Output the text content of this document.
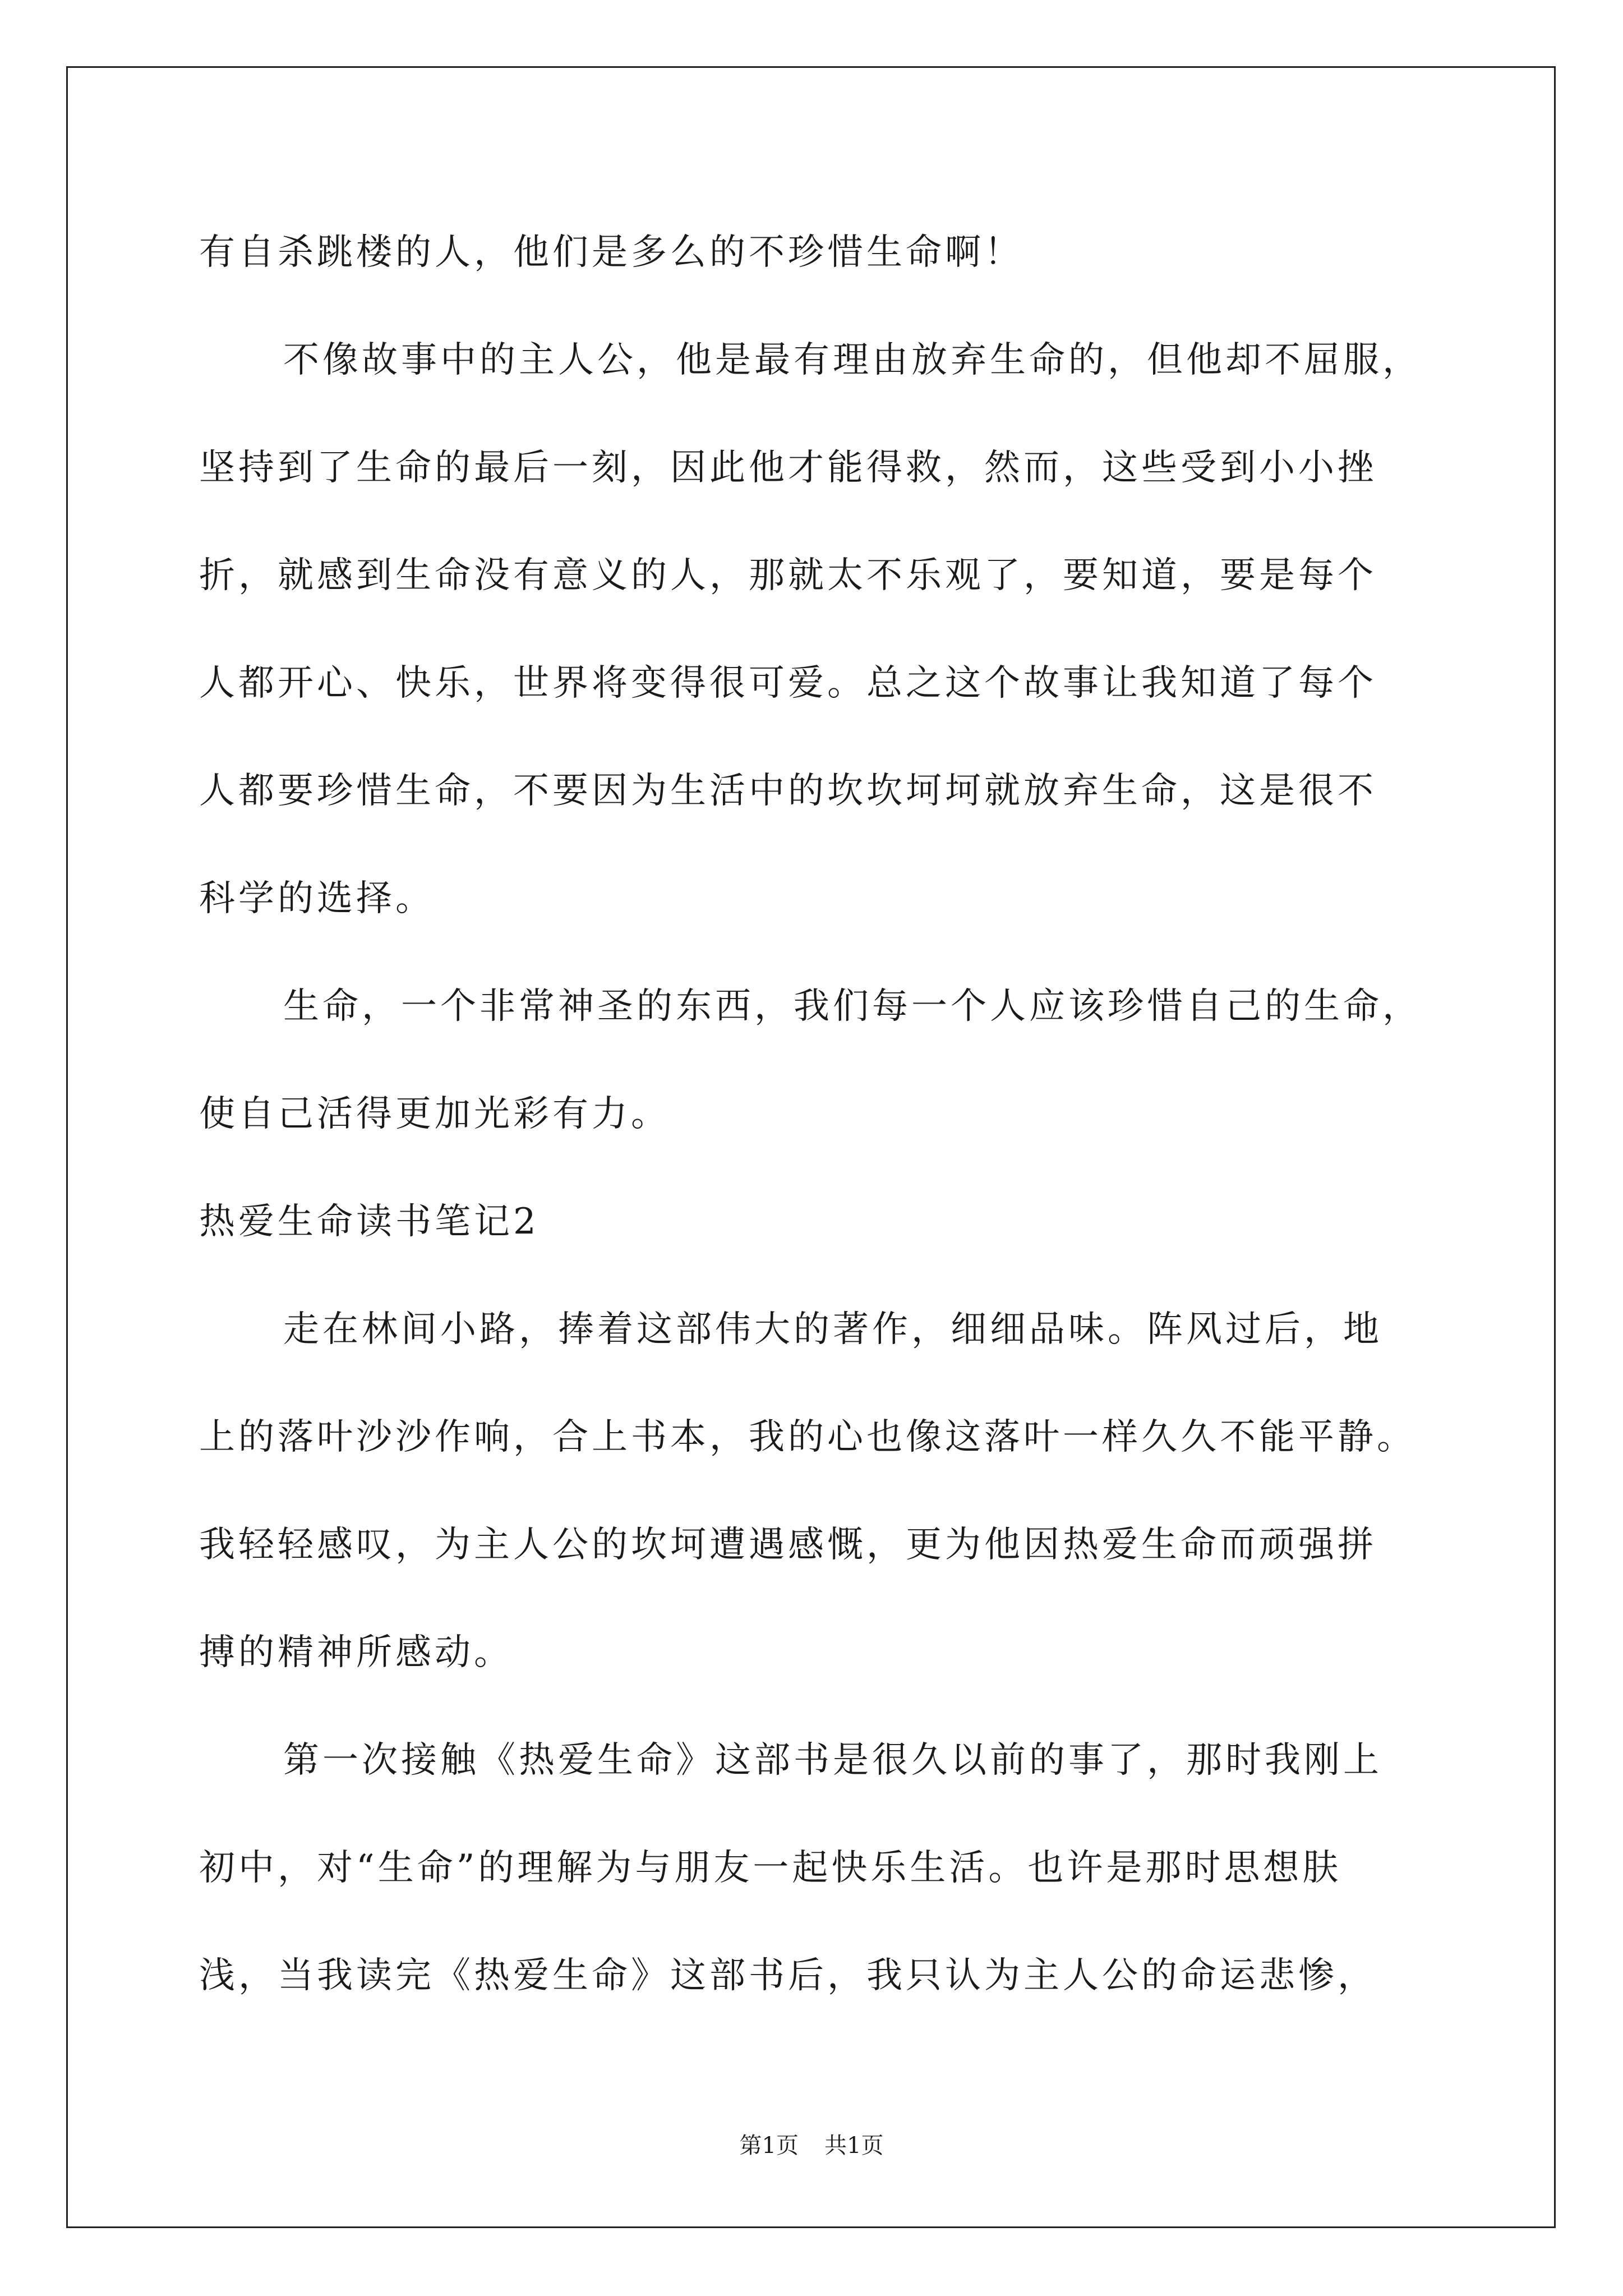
有自杀跳楼的人，他们是多么的不珍惜生命啊！
不像故事中的主人公，他是最有理由放弃生命的，但他却不屈服，
坚持到了生命的最后一刻，因此他才能得救，然而，这些受到小小挫
折，就感到生命没有意义的人，那就太不乐观了，要知道，要是每个
人都开心、快乐，世界将变得很可爱。总之这个故事让我知道了每个
人都要珍惜生命，不要因为生活中的坎坎坷坷就放弃生命，这是很不
科学的选择。
生命，一个非常神圣的东西，我们每一个人应该珍惜自己的生命，
使自己活得更加光彩有力。
热爱生命读书笔记2
走在林间小路，捧着这部伟大的著作，细细品味。阵风过后，地
上的落叶沙沙作响，合上书本，我的心也像这落叶一样久久不能平静。
我轻轻感叹，为主人公的坎坷遭遇感慨，更为他因热爱生命而顽强拼
搏的精神所感动。
第一次接触《热爱生命》这部书是很久以前的事了，那时我刚上
初中，对“生命”的理解为与朋友一起快乐生活。也许是那时思想肤
浅，当我读完《热爱生命》这部书后，我只认为主人公的命运悲惨，
第1页 共1页
